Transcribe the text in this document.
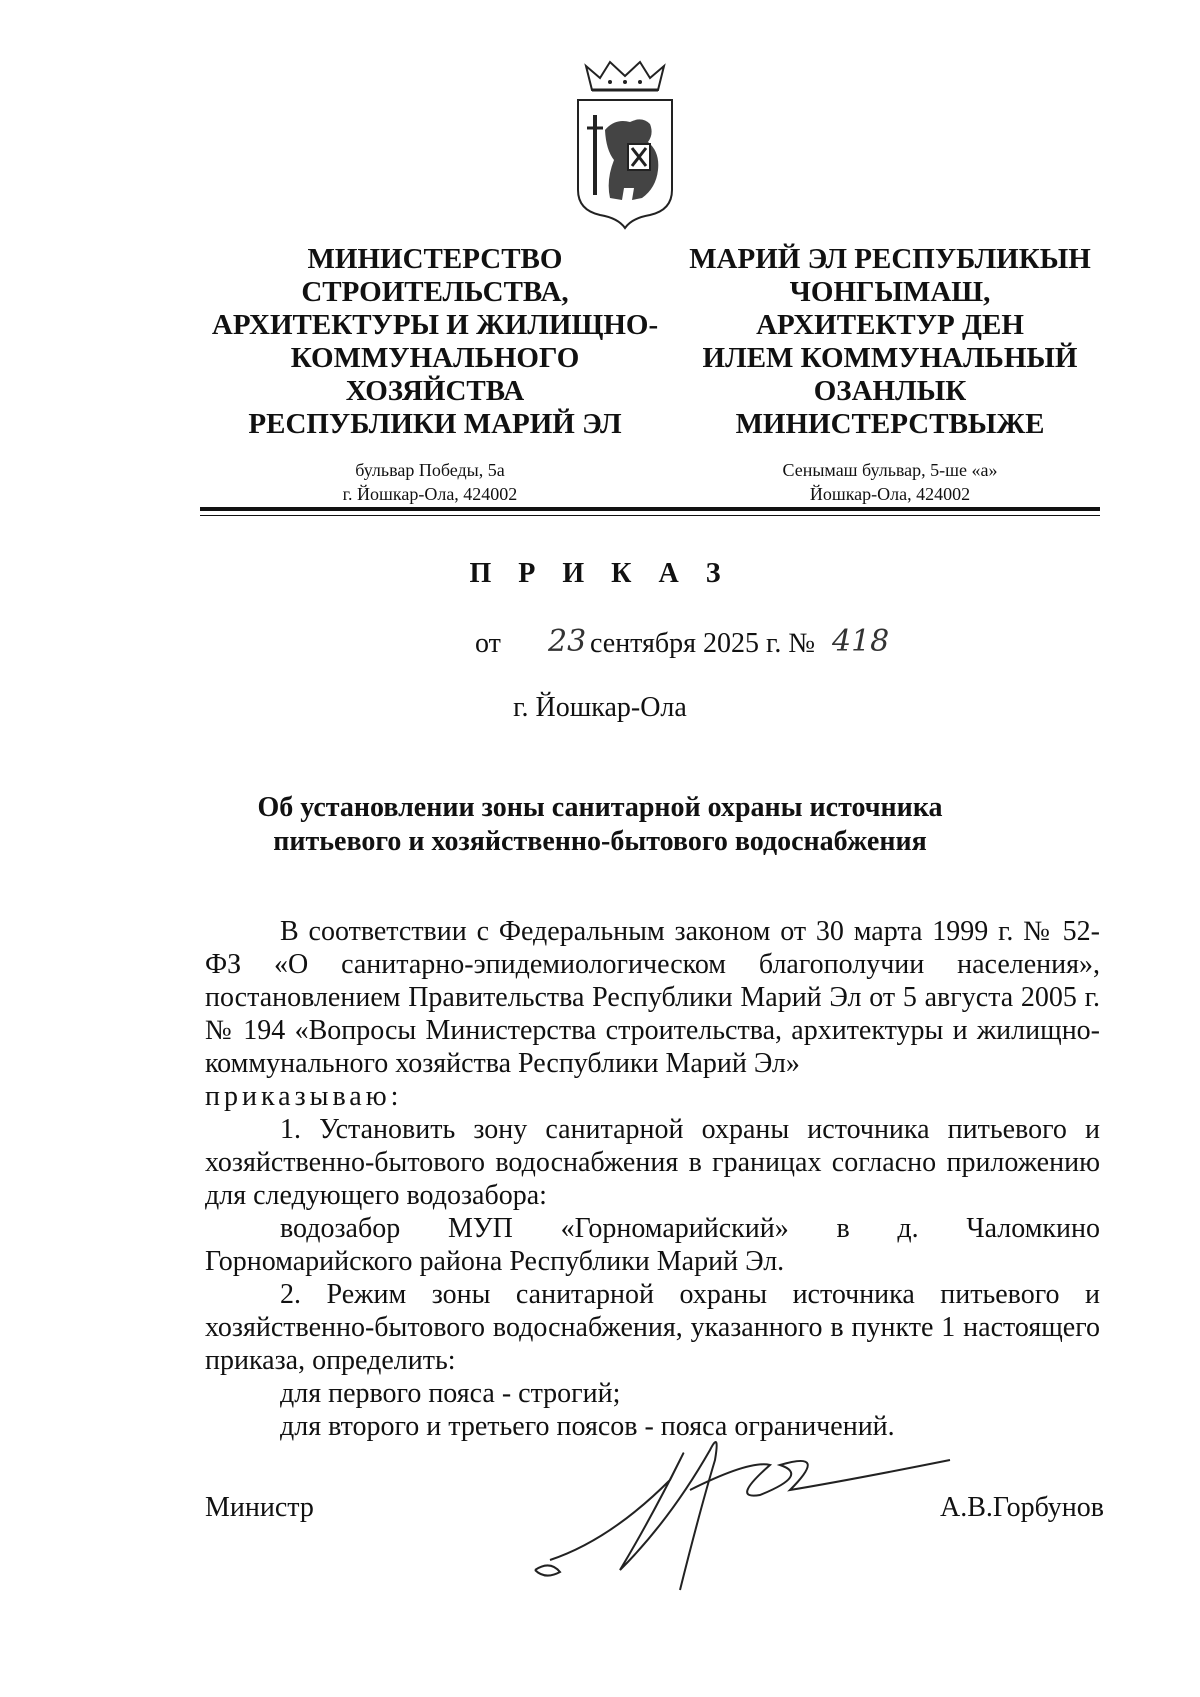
МИНИСТЕРСТВО
СТРОИТЕЛЬСТВА,
АРХИТЕКТУРЫ И ЖИЛИЩНО-
КОММУНАЛЬНОГО
ХОЗЯЙСТВА
РЕСПУБЛИКИ МАРИЙ ЭЛ
МАРИЙ ЭЛ РЕСПУБЛИКЫН
ЧОНГЫМАШ,
АРХИТЕКТУР ДЕН
ИЛЕМ КОММУНАЛЬНЫЙ
ОЗАНЛЫК
МИНИСТЕРСТВЫЖЕ
бульвар Победы, 5а
г. Йошкар-Ола, 424002
Сенымаш бульвар, 5-ше «а»
Йошкар-Ола, 424002
П Р И К А З
от 23 сентября 2025 г. № 418
г. Йошкар-Ола
Об установлении зоны санитарной охраны источника
питьевого и хозяйственно-бытового водоснабжения

В соответствии с Федеральным законом от 30 марта 1999 г. № 52-ФЗ «О санитарно-эпидемиологическом благополучии населения», постановлением Правительства Республики Марий Эл от 5 августа 2005 г. № 194 «Вопросы Министерства строительства, архитектуры и жилищно-коммунального хозяйства Республики Марий Эл»

приказываю:

1. Установить зону санитарной охраны источника питьевого и хозяйственно-бытового водоснабжения в границах согласно приложению для следующего водозабора:

водозабор МУП «Горномарийский» в д. Чаломкино Горномарийского района Республики Марий Эл.

2. Режим зоны санитарной охраны источника питьевого и хозяйственно-бытового водоснабжения, указанного в пункте 1 настоящего приказа, определить:

для первого пояса - строгий;

для второго и третьего поясов - пояса ограничений.

Министр	А.В.Горбунов
